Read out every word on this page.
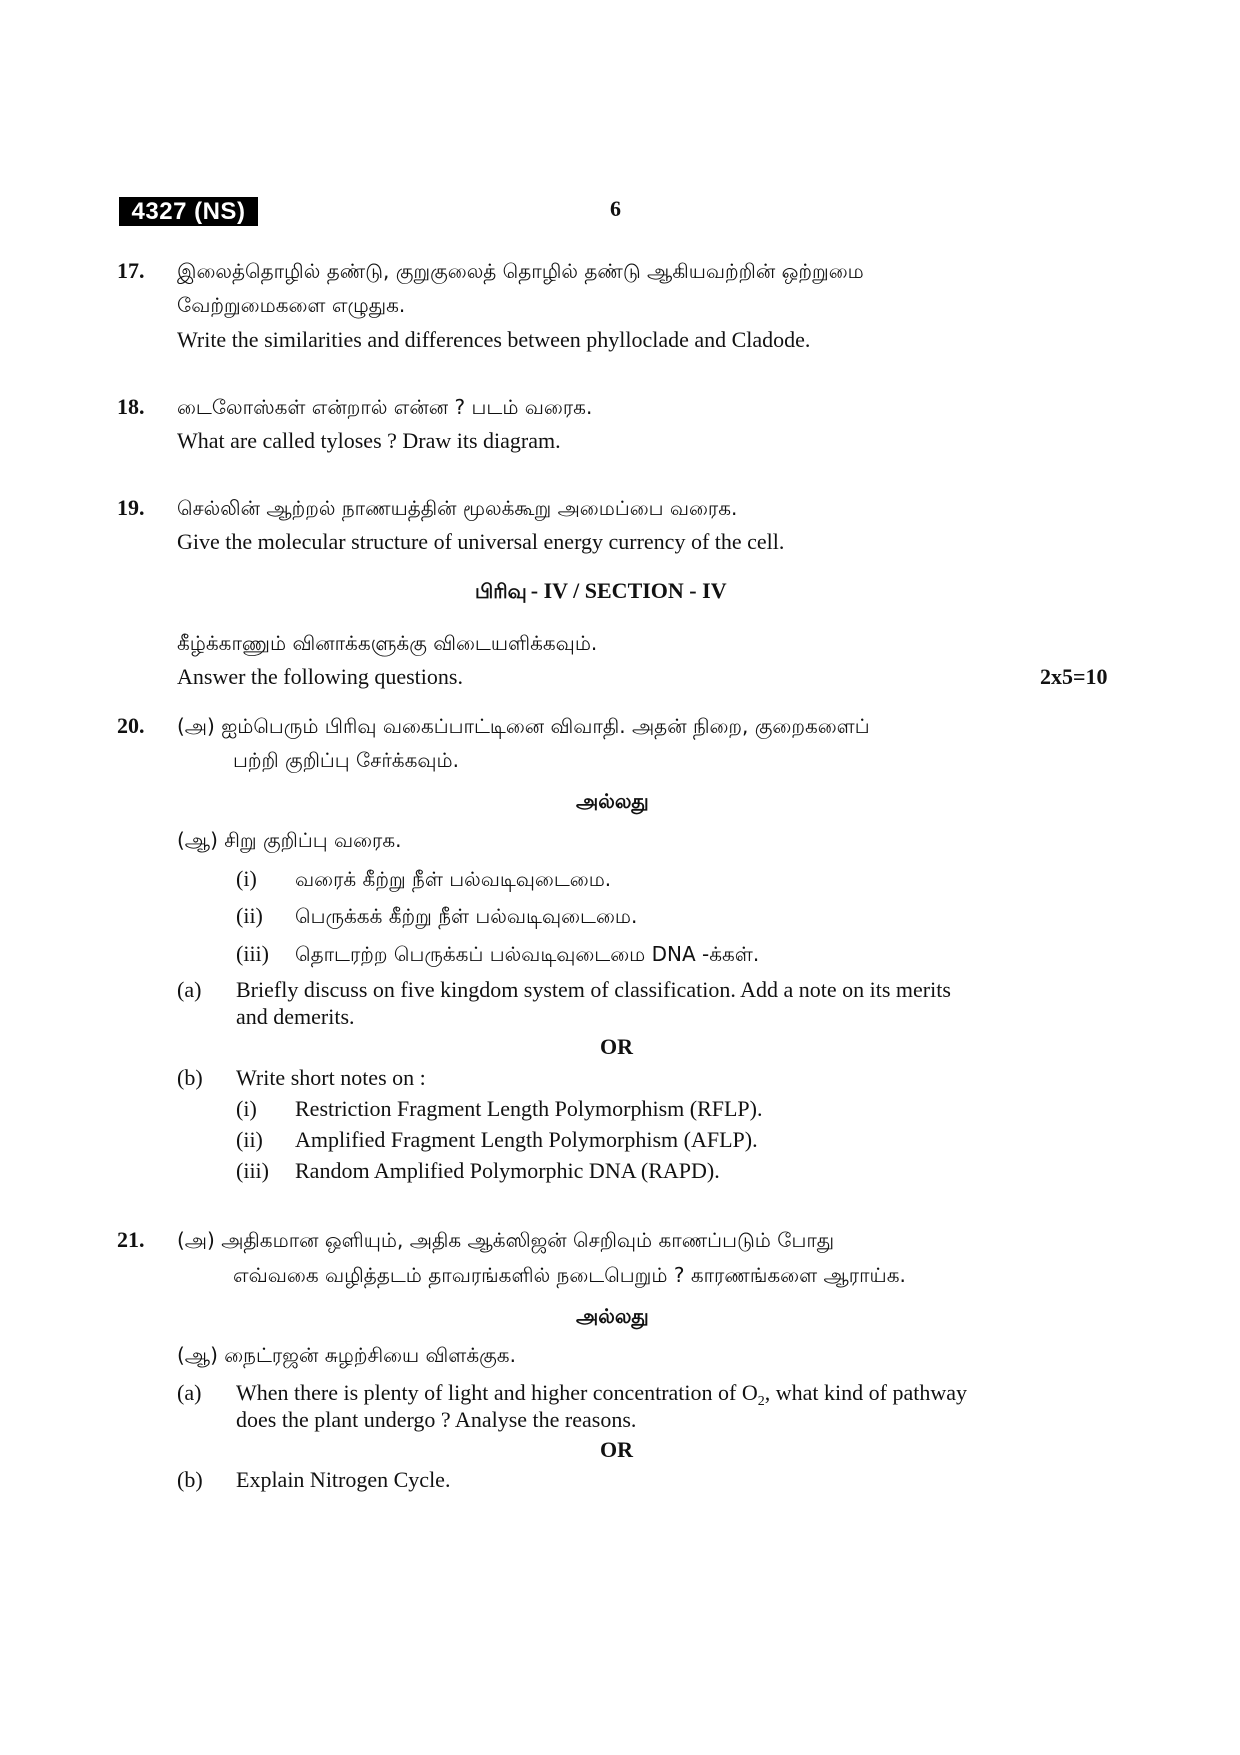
4327 (NS)	6
17. இலைத்தொழில் தண்டு, குறுகுலைத் தொழில் தண்டு ஆகியவற்றின் ஒற்றுமை
வேற்றுமைகளை எழுதுக.
Write the similarities and differences between phylloclade and Cladode.
18. டைலோஸ்கள் என்றால் என்ன ? படம் வரைக.
What are called tyloses ? Draw its diagram.
19. செல்லின் ஆற்றல் நாணயத்தின் மூலக்கூறு அமைப்பை வரைக.
Give the molecular structure of universal energy currency of the cell.
பிரிவு - IV / SECTION - IV
கீழ்க்காணும் வினாக்களுக்கு விடையளிக்கவும்.
Answer the following questions.	2x5=10
20. (அ) ஐம்பெரும் பிரிவு வகைப்பாட்டினை விவாதி. அதன் நிறை, குறைகளைப்
பற்றி குறிப்பு சேர்க்கவும்.
அல்லது
(ஆ) சிறு குறிப்பு வரைக.
(i) வரைக் கீற்று நீள் பல்வடிவுடைமை.
(ii) பெருக்கக் கீற்று நீள் பல்வடிவுடைமை.
(iii) தொடரற்ற பெருக்கப் பல்வடிவுடைமை DNA -க்கள்.
(a) Briefly discuss on five kingdom system of classification. Add a note on its merits
and demerits.
OR
(b) Write short notes on :
(i) Restriction Fragment Length Polymorphism (RFLP).
(ii) Amplified Fragment Length Polymorphism (AFLP).
(iii) Random Amplified Polymorphic DNA (RAPD).
21. (அ) அதிகமான ஒளியும், அதிக ஆக்ஸிஜன் செறிவும் காணப்படும் போது
எவ்வகை வழித்தடம் தாவரங்களில் நடைபெறும் ? காரணங்களை ஆராய்க.
அல்லது
(ஆ) நைட்ரஜன் சுழற்சியை விளக்குக.
(a) When there is plenty of light and higher concentration of $O_2$, what kind of pathway
does the plant undergo ? Analyse the reasons.
OR
(b) Explain Nitrogen Cycle.
